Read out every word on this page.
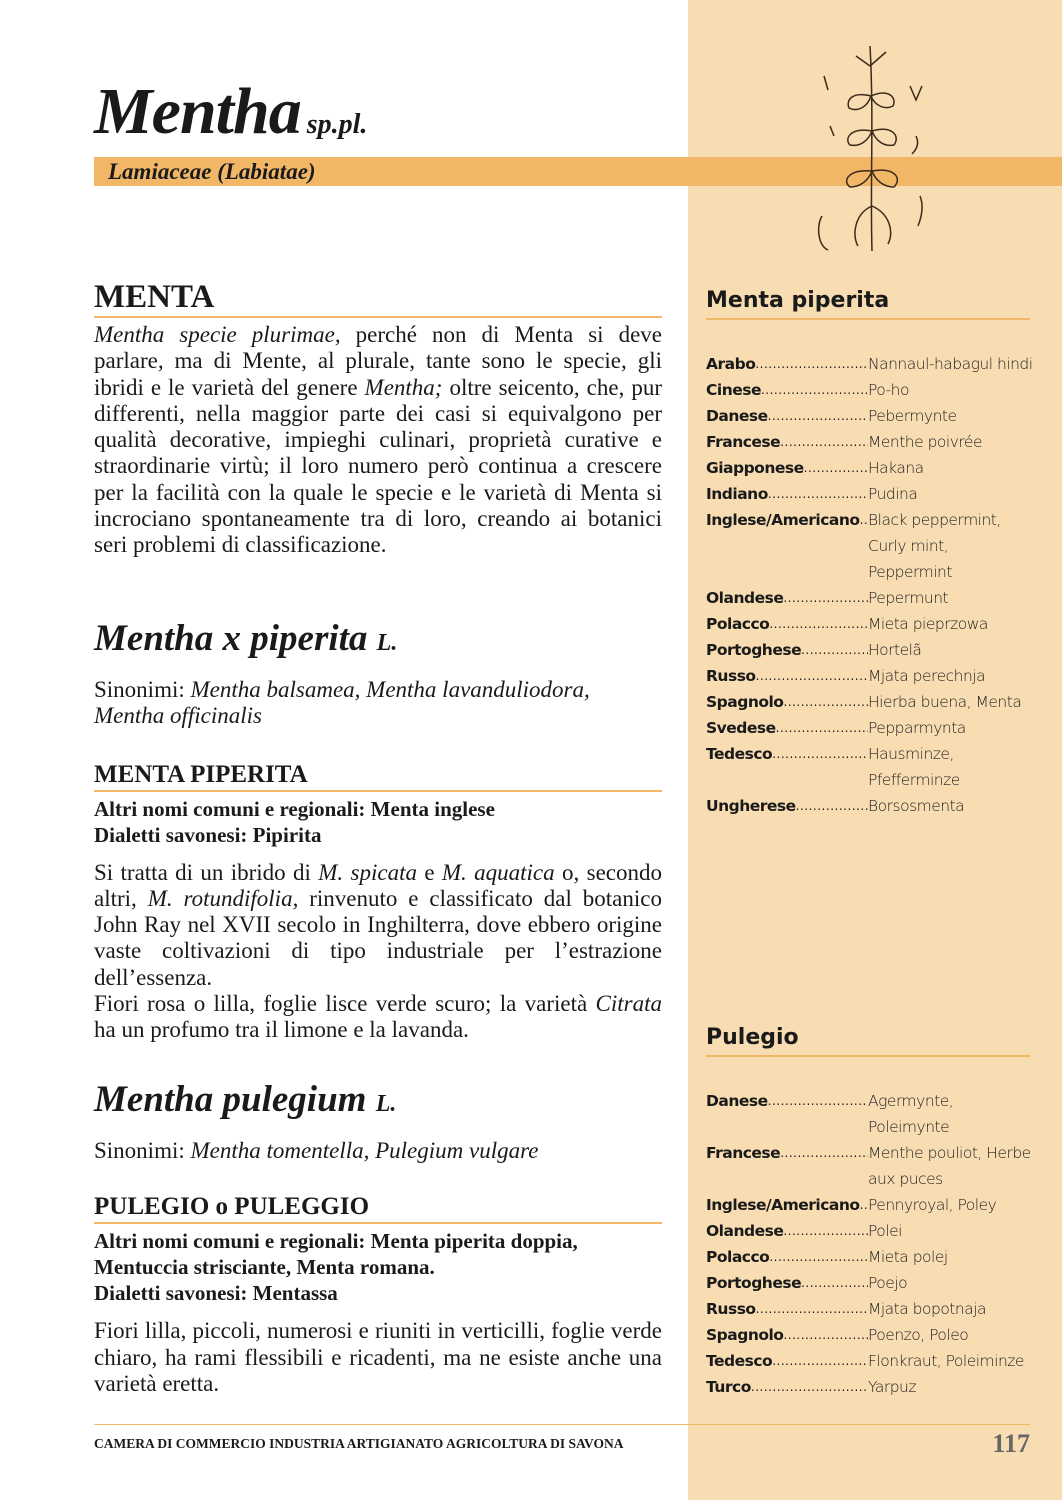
Lamiaceae (Labiatae)
Mentha sp.pl.
MENTA

Mentha specie plurimae, perché non di Menta si deve parlare, ma di Mente, al plurale, tante sono le specie, gli ibridi e le varietà del genere Mentha; oltre seicento, che, pur differenti, nella maggior parte dei casi si equivalgono per qualità decorative, impieghi culinari, proprietà curative e straordinarie virtù; il loro numero però continua a crescere per la facilità con la quale le specie e le varietà di Menta si incrociano spontaneamente tra di loro, creando ai botanici seri problemi di classificazione.

Mentha x piperita L.

Sinonimi: Mentha balsamea, Mentha lavanduliodora, Mentha officinalis

MENTA PIPERITA
Altri nomi comuni e regionali: Menta inglese
Dialetti savonesi: Pipirita

Si tratta di un ibrido di M. spicata e M. aquatica o, secondo altri, M. rotundifolia, rinvenuto e classificato dal botanico John Ray nel XVII secolo in Inghilterra, dove ebbero origine vaste coltivazioni di tipo industriale per l’estrazione dell’essenza.

Fiori rosa o lilla, foglie lisce verde scuro; la varietà Citrata ha un profumo tra il limone e la lavanda.

Mentha pulegium L.

Sinonimi: Mentha tomentella, Pulegium vulgare

PULEGIO o PULEGGIO
Altri nomi comuni e regionali: Menta piperita doppia, Mentuccia strisciante, Menta romana.
Dialetti savonesi: Mentassa

Fiori lilla, piccoli, numerosi e riuniti in verticilli, foglie verde chiaro, ha rami flessibili e ricadenti, ma ne esiste anche una varietà eretta.

Menta piperita
Arabo .....	Nannaul-habagul hindi
Cinese .....	Po-ho
Danese .....	Pebermynte
Francese .....	Menthe poivrée
Giapponese .....	Hakana
Indiano .....	Pudina
Inglese/Americano ..... Black peppermint, Curly mint, Peppermint
Olandese .....	Pepermunt
Polacco .....	Mieta pieprzowa
Portoghese .....	Hortelã
Russo .....	Mjata perechnja
Spagnolo .....	Hierba buena, Menta
Svedese .....	Pepparmynta
Tedesco .....	Hausminze, Pfefferminze
Ungherese .....	Borsosmenta
Pulegio
Danese .....	Agermynte, Poleimynte
Francese .....	Menthe pouliot, Herbe aux puces
Inglese/Americano ..... Pennyroyal, Poley
Olandese .....	Polei
Polacco .....	Mieta polej
Portoghese .....	Poejo
Russo .....	Mjata bopotnaja
Spagnolo .....	Poenzo, Poleo
Tedesco .....	Flonkraut, Poleiminze
Turco .....	Yarpuz
CAMERA DI COMMERCIO INDUSTRIA ARTIGIANATO AGRICOLTURA DI SAVONA	117
